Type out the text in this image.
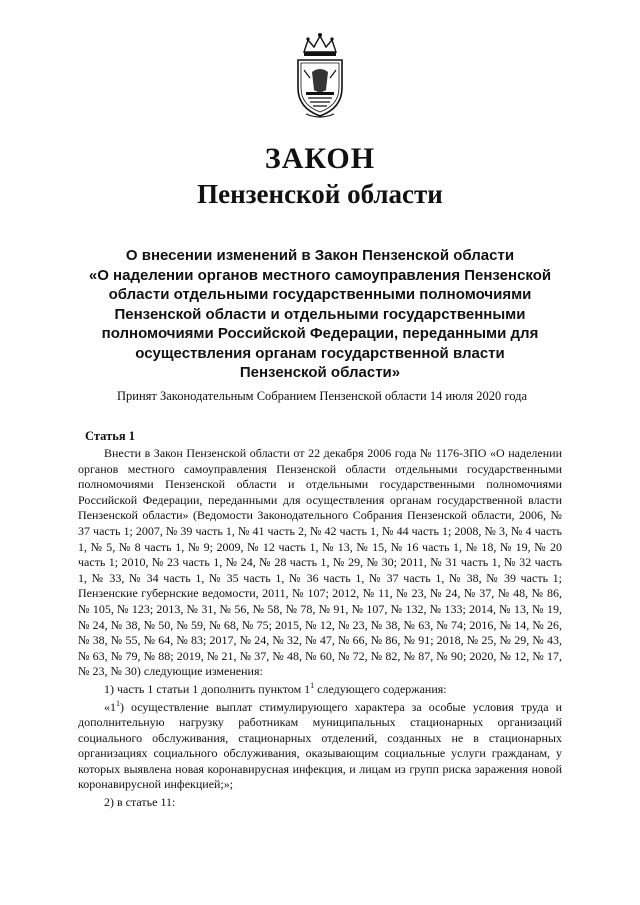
ЗАКОН
Пензенской области
О внесении изменений в Закон Пензенской области
«О наделении органов местного самоуправления Пензенской
области отдельными государственными полномочиями
Пензенской области и отдельными государственными
полномочиями Российской Федерации, переданными для
осуществления органам государственной власти
Пензенской области»
Принят Законодательным Собранием Пензенской области 14 июля 2020 года
Статья 1

Внести в Закон Пензенской области от 22 декабря 2006 года № 1176-ЗПО «О наделении органов местного самоуправления Пензенской области отдельными государственными полномочиями Пензенской области и отдельными государственными полномочиями Российской Федерации, переданными для осуществления органам государственной власти Пензенской области» (Ведомости Законодательного Собрания Пензенской области, 2006, № 37 часть 1; 2007, № 39 часть 1, № 41 часть 2, № 42 часть 1, № 44 часть 1; 2008, № 3, № 4 часть 1, № 5, № 8 часть 1, № 9; 2009, № 12 часть 1, № 13, № 15, № 16 часть 1, № 18, № 19, № 20 часть 1; 2010, № 23 часть 1, № 24, № 28 часть 1, № 29, № 30; 2011, № 31 часть 1, № 32 часть 1, № 33, № 34 часть 1, № 35 часть 1, № 36 часть 1, № 37 часть 1, № 38, № 39 часть 1; Пензенские губернские ведомости, 2011, № 107; 2012, № 11, № 23, № 24, № 37, № 48, № 86, № 105, № 123; 2013, № 31, № 56, № 58, № 78, № 91, № 107, № 132, № 133; 2014, № 13, № 19, № 24, № 38, № 50, № 59, № 68, № 75; 2015, № 12, № 23, № 38, № 63, № 74; 2016, № 14, № 26, № 38, № 55, № 64, № 83; 2017, № 24, № 32, № 47, № 66, № 86, № 91; 2018, № 25, № 29, № 43, № 63, № 79, № 88; 2019, № 21, № 37, № 48, № 60, № 72, № 82, № 87, № 90; 2020, № 12, № 17, № 23, № 30) следующие изменения:

1) часть 1 статьи 1 дополнить пунктом $1^1$ следующего содержания:

«$1^1$) осуществление выплат стимулирующего характера за особые условия труда и дополнительную нагрузку работникам муниципальных стационарных организаций социального обслуживания, стационарных отделений, созданных не в стационарных организациях социального обслуживания, оказывающим социальные услуги гражданам, у которых выявлена новая коронавирусная инфекция, и лицам из групп риска заражения новой коронавирусной инфекцией;»;

2) в статье 11:
